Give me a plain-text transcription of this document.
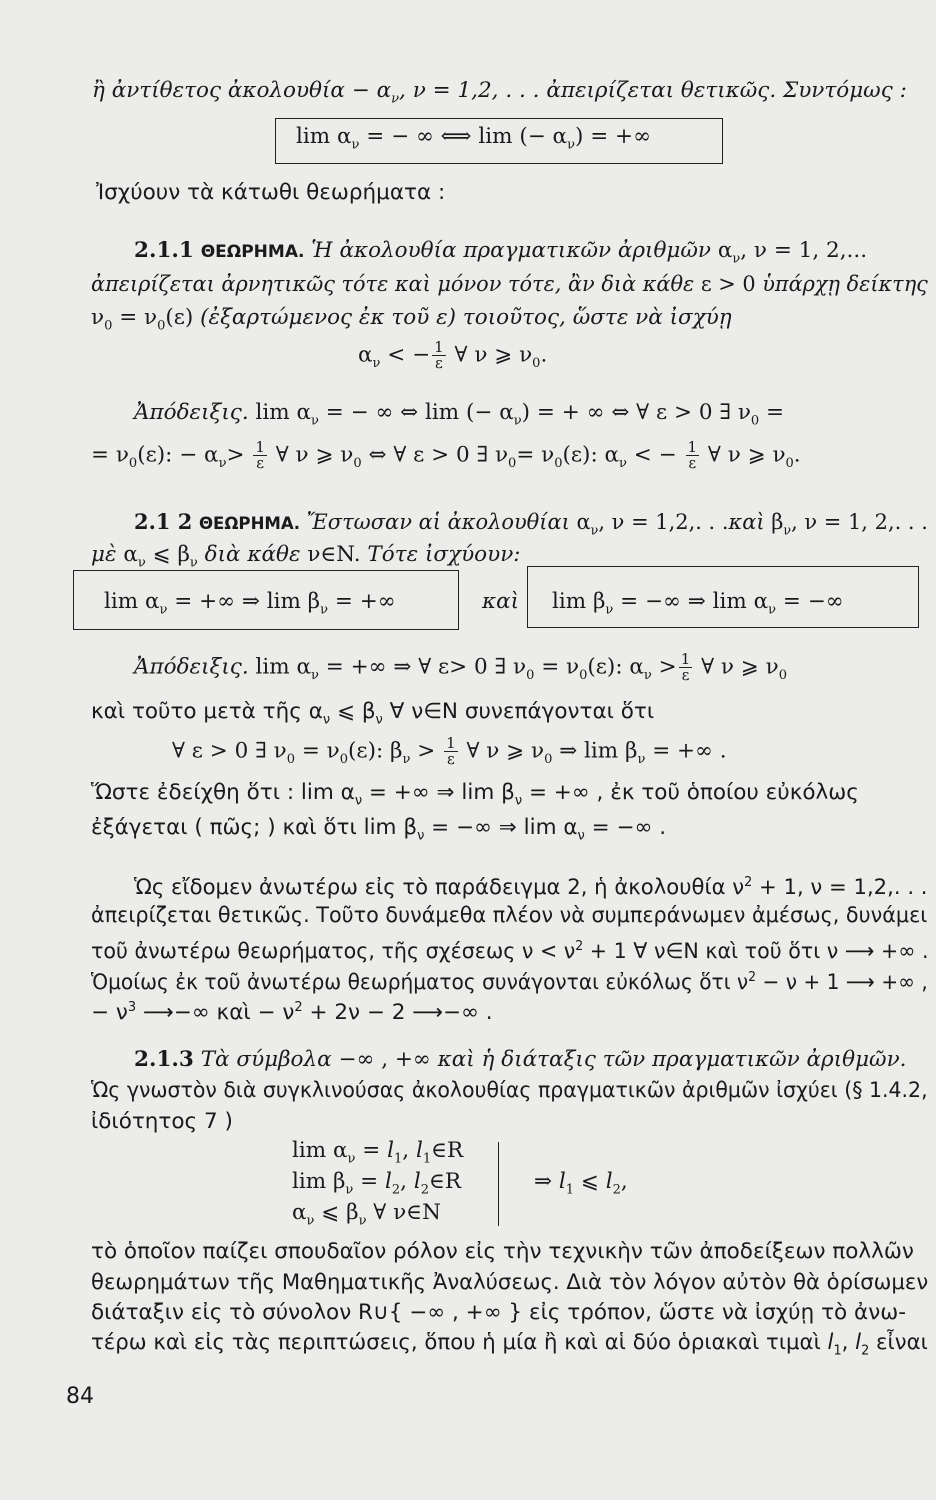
ἢ ἀντίθετος ἀκολουθία − $\alpha_\nu$, ν = 1,2, . . . ἀπειρίζεται θετικῶς. Συντόμως :
$\lim \alpha_\nu$ = − ∞ ⟺ lim (− $\alpha_\nu$) = +∞
Ἰσχύουν τὰ κάτωθι θεωρήματα :
2.1.1 ΘΕΩΡΗΜΑ. Ἡ ἀκολουθία πραγματικῶν ἀριθμῶν $\alpha_\nu$, ν = 1, 2,...
ἀπειρίζεται ἀρνητικῶς τότε καὶ μόνον τότε, ἂν διὰ κάθε ε > 0 ὑπάρχῃ δείκτης
$\nu_0 = \nu_0(\varepsilon)$ (ἐξαρτώμενος ἐκ τοῦ ε) τοιοῦτος, ὥστε νὰ ἰσχύῃ
$\alpha_\nu$ < − $\frac{1}{\varepsilon}$ ∀ ν ⩾ $\nu_0$.
Ἀπόδειξις. $\lim \alpha_\nu$ = − ∞ ⇔ lim (− $\alpha_\nu$) = + ∞ ⇔ ∀ ε > 0 ∃ $\nu_0$ =
= $\nu_0(\varepsilon)$: − $\alpha_\nu> \frac{1}{\varepsilon}$ ∀ ν ⩾ $\nu_0$ ⇔ ∀ ε > 0 ∃ $\nu_0= \nu_0(\varepsilon)$: $\alpha_\nu$ < − $\frac{1}{\varepsilon}$ ∀ ν ⩾ $\nu_0$.
2.1 2 ΘΕΩΡΗΜΑ. Ἔστωσαν αἱ ἀκολουθίαι $\alpha_\nu$, ν = 1,2,. . .καὶ $\beta_\nu$, ν = 1, 2,. . .
μὲ $\alpha_\nu$ ⩽ $\beta_\nu$ διὰ κάθε ν∈N. Τότε ἰσχύουν:
$\lim \alpha_\nu$ = +∞ ⇒ $\lim \beta_\nu$ = +∞	καὶ $\lim \beta_\nu$ = −∞ ⇒ $\lim \alpha_\nu$ = −∞
Ἀπόδειξις. $\lim \alpha_\nu$ = +∞ ⇒ ∀ ε> 0 ∃ $\nu_0 = \nu_0(\varepsilon)$: $\alpha_\nu > \frac{1}{\varepsilon}$ ∀ ν ⩾ $\nu_0$
καὶ τοῦτο μετὰ τῆς $\alpha_\nu$ ⩽ $\beta_\nu$ ∀ ν∈N συνεπάγονται ὅτι
∀ ε > 0 ∃ $\nu_0 = \nu_0(\varepsilon)$: $\beta_\nu > \frac{1}{\varepsilon}$ ∀ ν ⩾ $\nu_0$ ⇒ $\lim \beta_\nu$ = +∞ .
Ὥστε ἐδείχθη ὅτι : $\lim \alpha_\nu$ = +∞ ⇒ $\lim \beta_\nu$ = +∞ , ἐκ τοῦ ὁποίου εὐκόλως
ἐξάγεται ( πῶς; ) καὶ ὅτι $\lim \beta_\nu$ = −∞ ⇒ $\lim \alpha_\nu$ = −∞ .
Ὡς εἴδομεν ἀνωτέρω εἰς τὸ παράδειγμα 2, ἡ ἀκολουθία $\nu^2 + 1$, ν = 1,2,. . .
ἀπειρίζεται θετικῶς. Τοῦτο δυνάμεθα πλέον νὰ συμπεράνωμεν ἀμέσως, δυνάμει
τοῦ ἀνωτέρω θεωρήματος, τῆς σχέσεως $\nu < \nu^2 + 1$ ∀ ν∈N καὶ τοῦ ὅτι ν ⟶ +∞ .
Ὁμοίως ἐκ τοῦ ἀνωτέρω θεωρήματος συνάγονται εὐκόλως ὅτι $\nu^2 - \nu + 1$ ⟶ +∞ ,
− $\nu^3$ ⟶−∞ καὶ − $\nu^2 + 2\nu - 2$ ⟶−∞ .
2.1.3 Τὰ σύμβολα −∞ , +∞ καὶ ἡ διάταξις τῶν πραγματικῶν ἀριθμῶν.
Ὡς γνωστὸν διὰ συγκλινούσας ἀκολουθίας πραγματικῶν ἀριθμῶν ἰσχύει (§ 1.4.2,
ἰδιότητος 7 )
$\lim \alpha_\nu = l_1$, $l_1\in R$
$\lim \beta_\nu = l_2$, $l_2\in R$
$\alpha_\nu$ ⩽ $\beta_\nu$ ∀ ν∈N
⇒ $l_1$ ⩽ $l_2$,
τὸ ὁποῖον παίζει σπουδαῖον ρόλον εἰς τὴν τεχνικὴν τῶν ἀποδείξεων πολλῶν
θεωρημάτων τῆς Μαθηματικῆς Ἀναλύσεως. Διὰ τὸν λόγον αὐτὸν θὰ ὁρίσωμεν
διάταξιν εἰς τὸ σύνολον R∪{ −∞ , +∞ } εἰς τρόπον, ὥστε νὰ ἰσχύῃ τὸ ἀνω-
τέρω καὶ εἰς τὰς περιπτώσεις, ὅπου ἡ μία ἢ καὶ αἱ δύο ὁριακαὶ τιμαὶ $l_1$, $l_2$ εἶναι
84
